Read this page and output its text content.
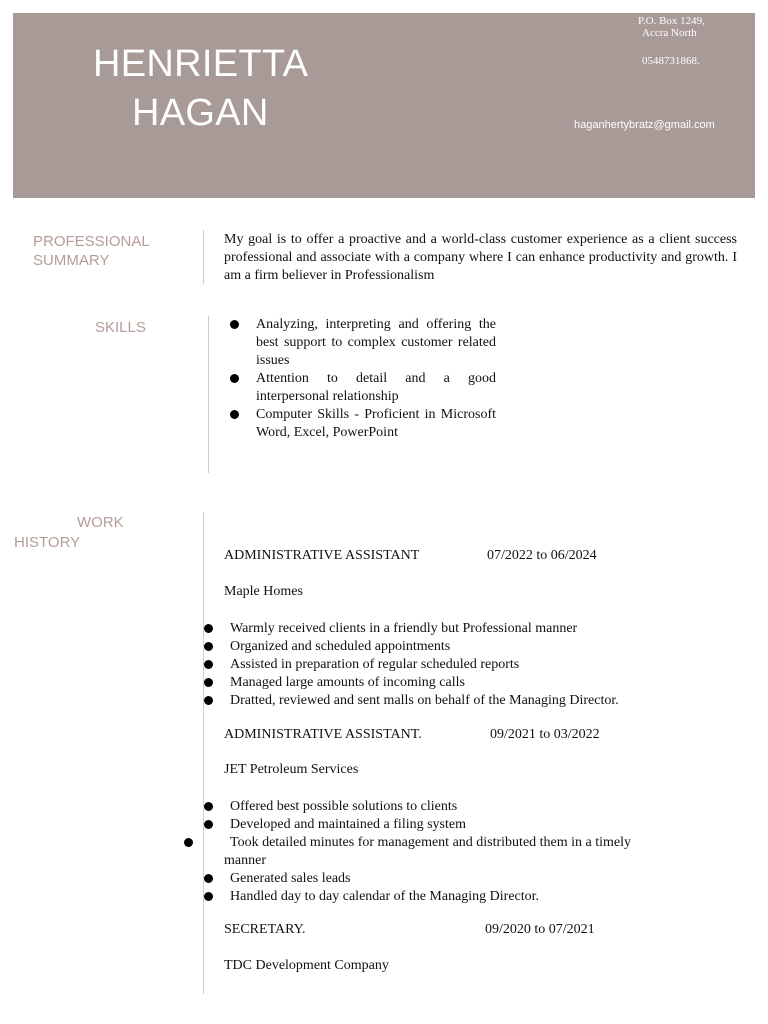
HENRIETTA
HAGAN
P.O. Box 1249,
Accra North
0548731868.
haganhertybratz@gmail.com
PROFESSIONAL
SUMMARY
My goal is to offer a proactive and a world-class customer experience as a client success professional and associate with a company where I can enhance productivity and growth. I am a firm believer in Professionalism
SKILLS	Analyzing, interpreting and offering the best support to complex customer related issues
Attention to detail and a good interpersonal relationship
Computer Skills - Proficient in Microsoft Word, Excel, PowerPoint
WORK
HISTORY
ADMINISTRATIVE ASSISTANT	07/2022 to 06/2024
Maple Homes
Warmly received clients in a friendly but Professional manner
Organized and scheduled appointments
Assisted in preparation of regular scheduled reports
Managed large amounts of incoming calls
Dratted, reviewed and sent malls on behalf of the Managing Director.
ADMINISTRATIVE ASSISTANT.	09/2021 to 03/2022
JET Petroleum Services
Offered best possible solutions to clients
Developed and maintained a filing system
Took detailed minutes for management and distributed them in a timely manner
Generated sales leads
Handled day to day calendar of the Managing Director.
SECRETARY.	09/2020 to 07/2021
TDC Development Company
